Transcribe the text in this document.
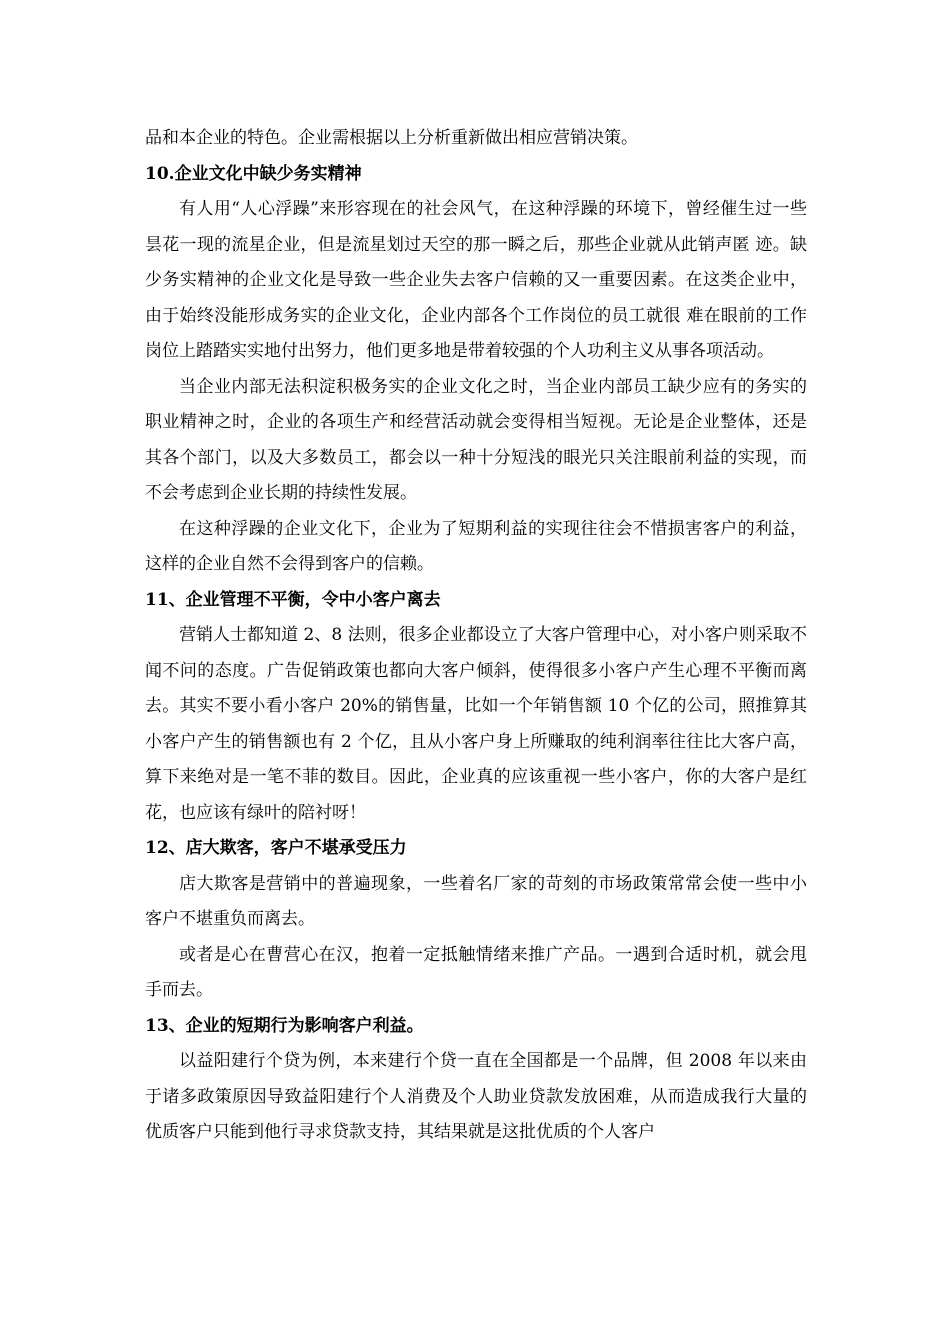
品和本企业的特色。企业需根据以上分析重新做出相应营销决策。

10.企业文化中缺少务实精神

有人用“人心浮躁”来形容现在的社会风气，在这种浮躁的环境下，曾经催生过一些昙花一现的流星企业，但是流星划过天空的那一瞬之后，那些企业就从此销声匿 迹。缺少务实精神的企业文化是导致一些企业失去客户信赖的又一重要因素。在这类企业中，由于始终没能形成务实的企业文化，企业内部各个工作岗位的员工就很 难在眼前的工作岗位上踏踏实实地付出努力，他们更多地是带着较强的个人功利主义从事各项活动。

当企业内部无法积淀积极务实的企业文化之时，当企业内部员工缺少应有的务实的职业精神之时，企业的各项生产和经营活动就会变得相当短视。无论是企业整体，还是其各个部门，以及大多数员工，都会以一种十分短浅的眼光只关注眼前利益的实现，而不会考虑到企业长期的持续性发展。

在这种浮躁的企业文化下，企业为了短期利益的实现往往会不惜损害客户的利益，这样的企业自然不会得到客户的信赖。

11、企业管理不平衡，令中小客户离去

营销人士都知道 2、8 法则，很多企业都设立了大客户管理中心，对小客户则采取不闻不问的态度。广告促销政策也都向大客户倾斜，使得很多小客户产生心理不平衡而离去。其实不要小看小客户 20%的销售量，比如一个年销售额 10 个亿的公司，照推算其小客户产生的销售额也有 2 个亿，且从小客户身上所赚取的纯利润率往往比大客户高，算下来绝对是一笔不菲的数目。因此，企业真的应该重视一些小客户，你的大客户是红花，也应该有绿叶的陪衬呀！

12、店大欺客，客户不堪承受压力

店大欺客是营销中的普遍现象，一些着名厂家的苛刻的市场政策常常会使一些中小客户不堪重负而离去。

或者是心在曹营心在汉，抱着一定抵触情绪来推广产品。一遇到合适时机，就会甩手而去。

13、企业的短期行为影响客户利益。

以益阳建行个贷为例，本来建行个贷一直在全国都是一个品牌，但 2008 年以来由于诸多政策原因导致益阳建行个人消费及个人助业贷款发放困难，从而造成我行大量的优质客户只能到他行寻求贷款支持，其结果就是这批优质的个人客户
